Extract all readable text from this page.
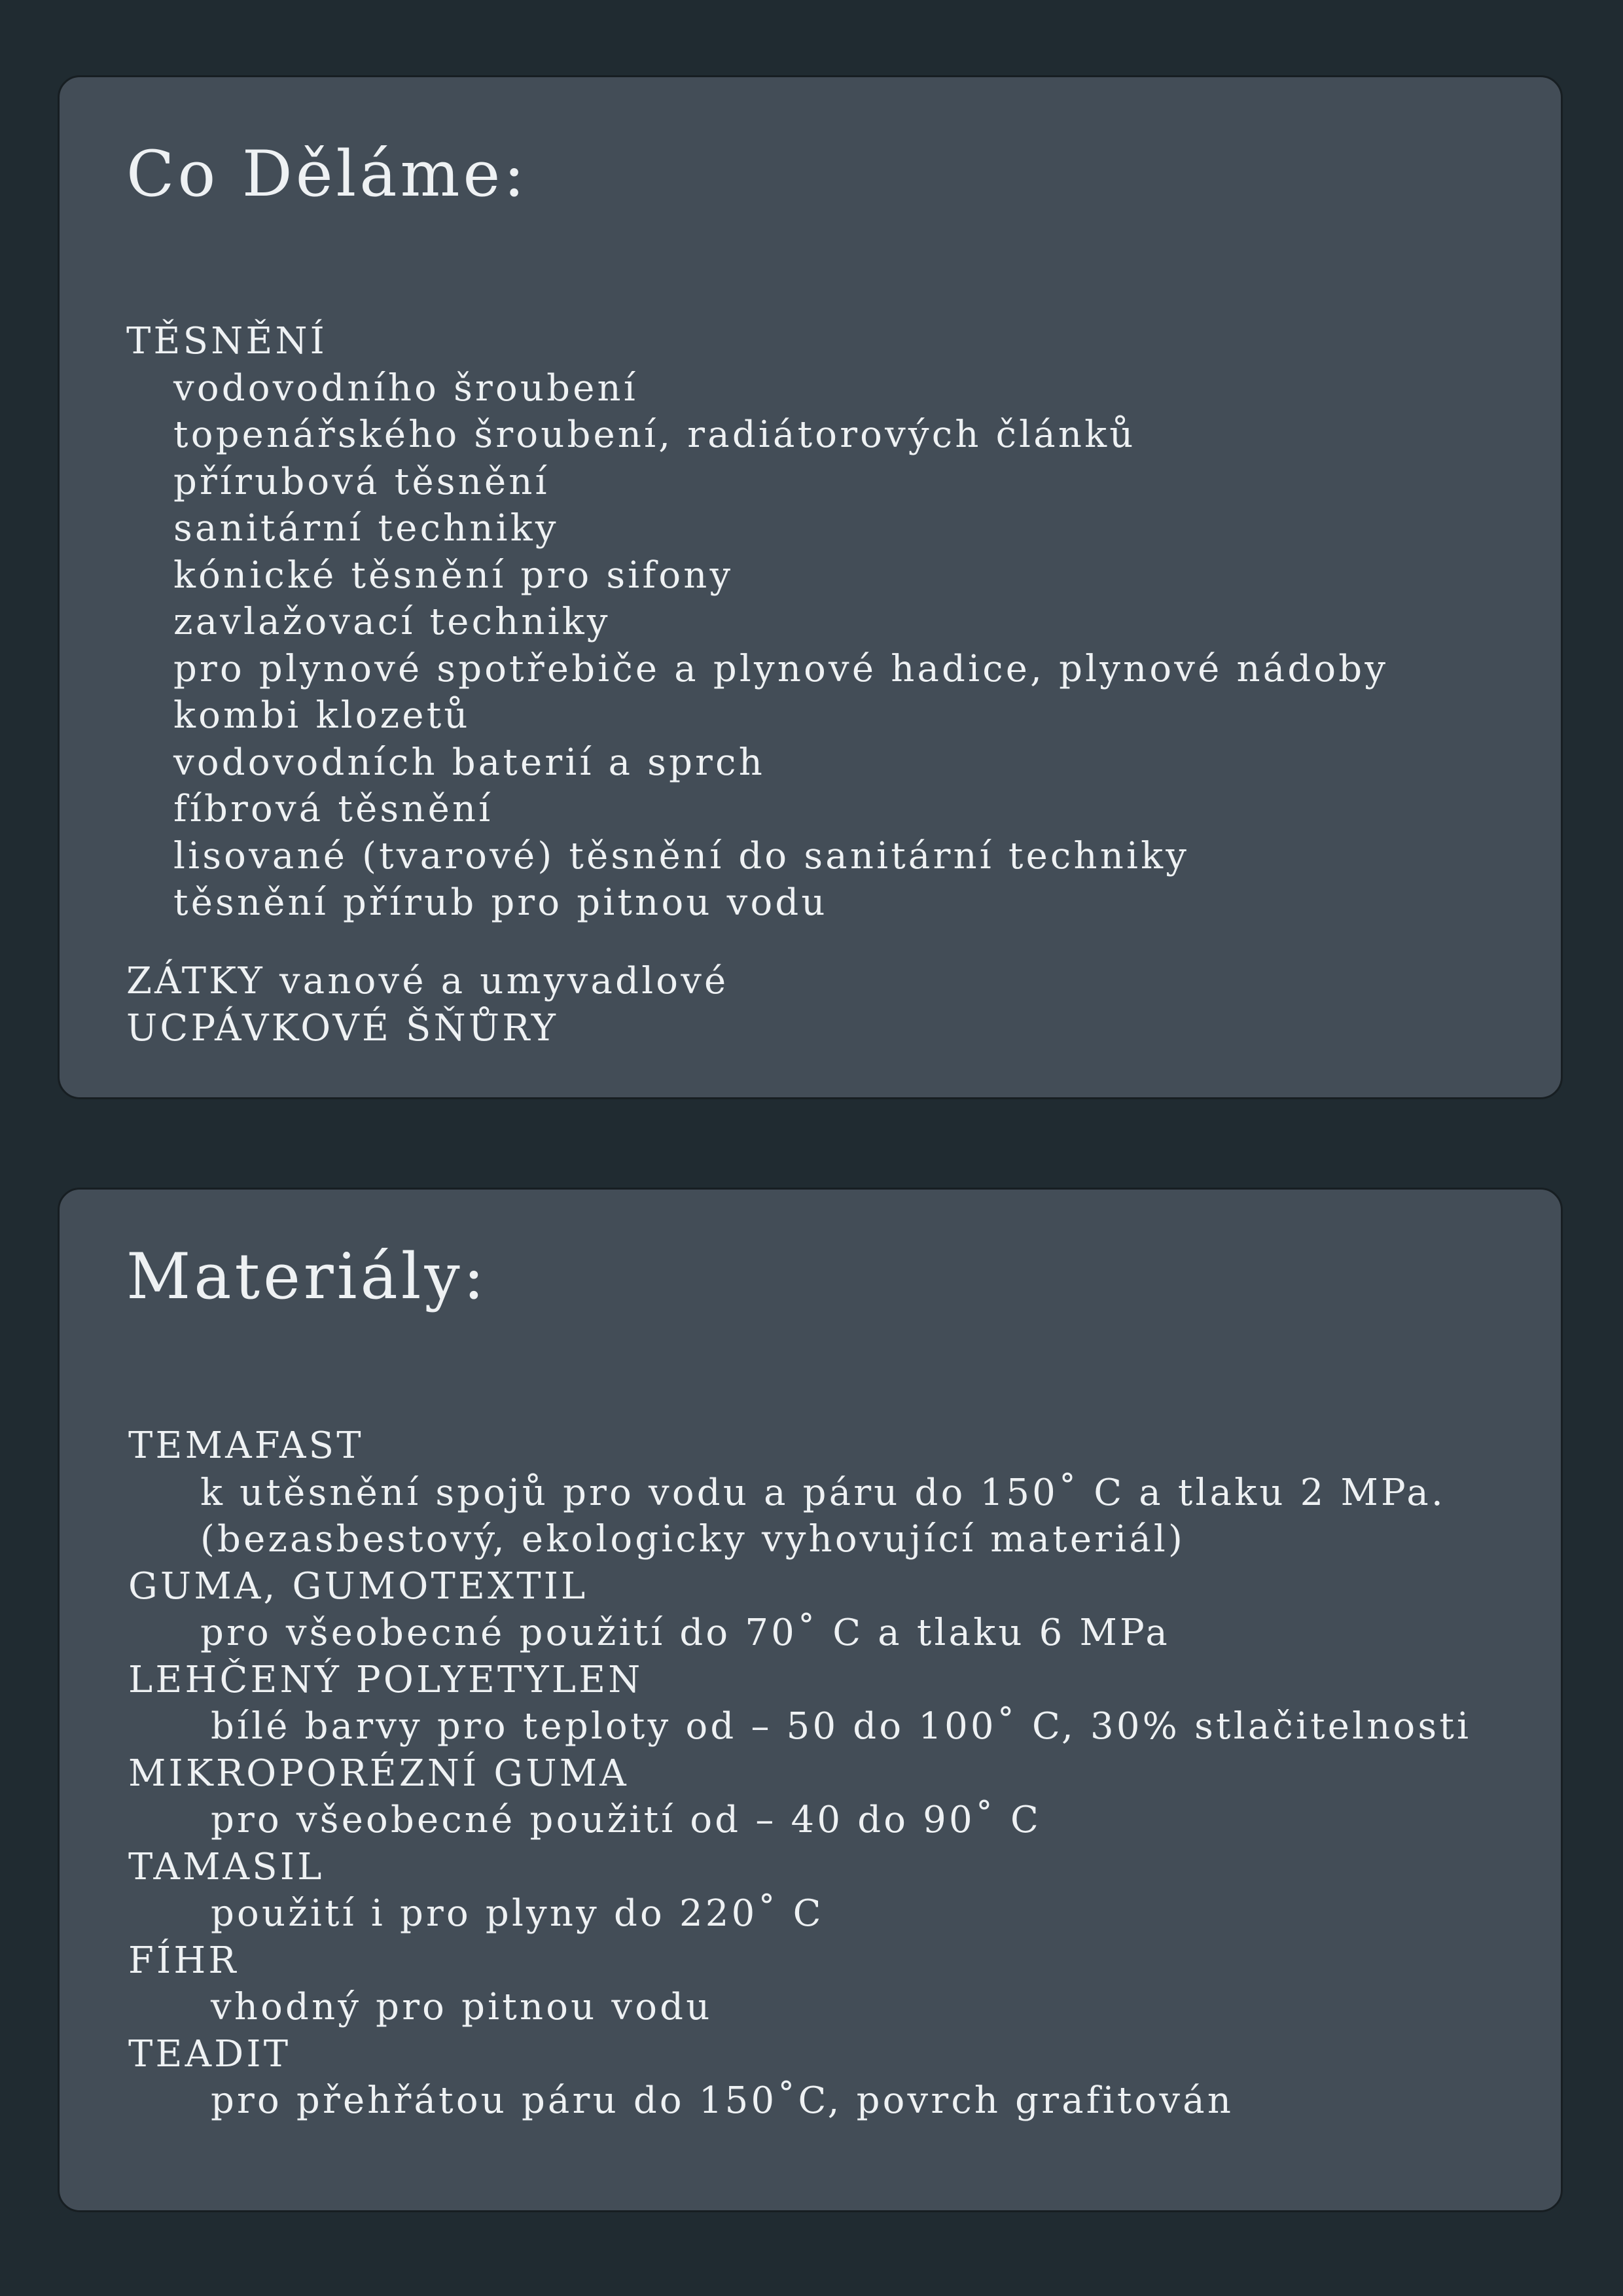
Co Děláme:
TĚSNĚNÍ
vodovodního šroubení
topenářského šroubení, radiátorových článků
přírubová těsnění
sanitární techniky
kónické těsnění pro sifony
zavlažovací techniky
pro plynové spotřebiče a plynové hadice, plynové nádoby
kombi klozetů
vodovodních baterií a sprch
fíbrová těsnění
lisované (tvarové) těsnění do sanitární techniky
těsnění přírub pro pitnou vodu
ZÁTKY vanové a umyvadlové
UCPÁVKOVÉ ŠŇŮRY
Materiály:
TEMAFAST
k utěsnění spojů pro vodu a páru do 150˚ C a tlaku 2 MPa.
(bezasbestový, ekologicky vyhovující materiál)
GUMA, GUMOTEXTIL
pro všeobecné použití do 70˚ C a tlaku 6 MPa
LEHČENÝ POLYETYLEN
bílé barvy pro teploty od – 50 do 100˚ C, 30% stlačitelnosti
MIKROPORÉZNÍ GUMA
pro všeobecné použití od – 40 do 90˚ C
TAMASIL
použití i pro plyny do 220˚ C
FÍHR
vhodný pro pitnou vodu
TEADIT
pro přehřátou páru do 150˚C, povrch grafitován
